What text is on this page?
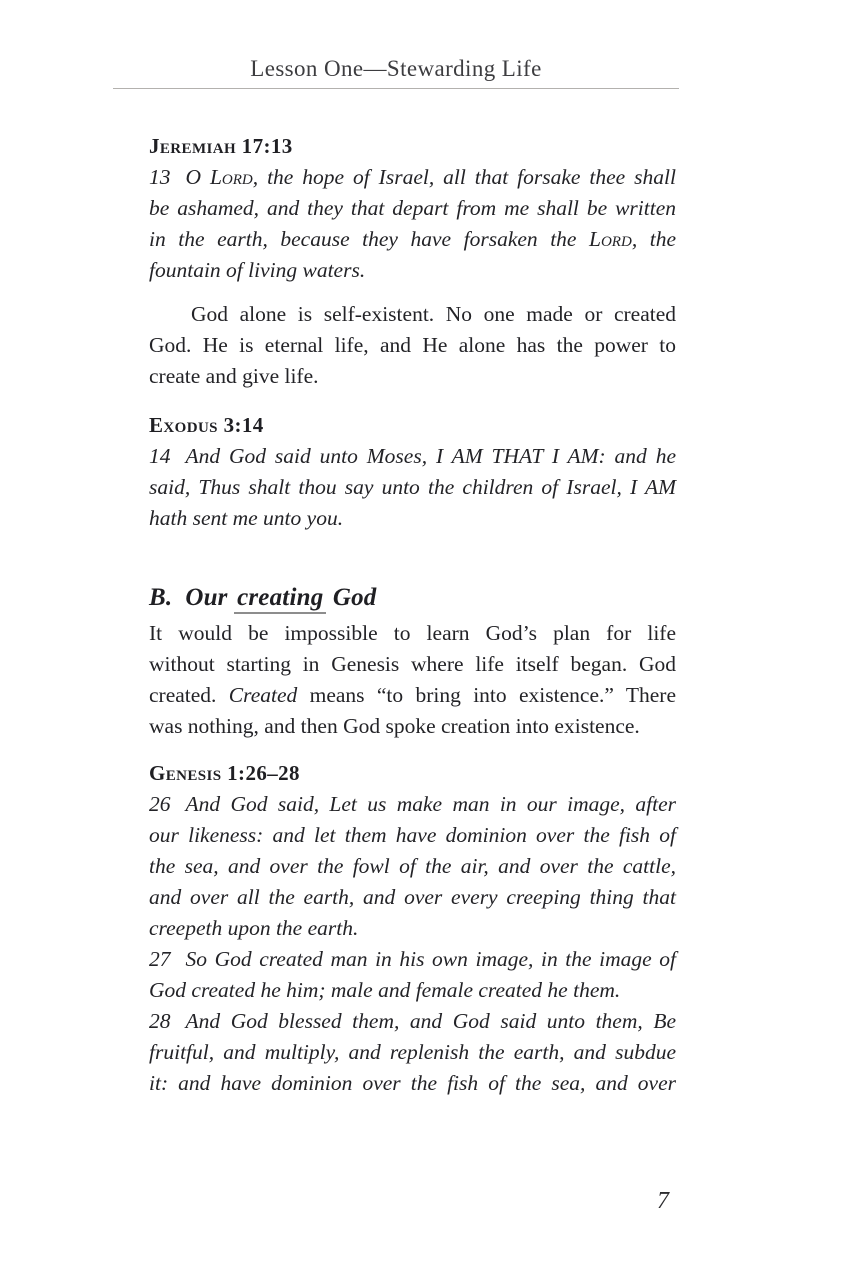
Lesson One—Stewarding Life
Jeremiah 17:13
13 O Lord, the hope of Israel, all that forsake thee shall
be ashamed, and they that depart from me shall be written
in the earth, because they have forsaken the Lord, the
fountain of living waters.
God alone is self-existent. No one made or created
God. He is eternal life, and He alone has the power to
create and give life.
Exodus 3:14
14 And God said unto Moses, I AM THAT I AM: and he
said, Thus shalt thou say unto the children of Israel, I AM
hath sent me unto you.
B. Our creating God
It would be impossible to learn God’s plan for life
without starting in Genesis where life itself began. God
created. Created means “to bring into existence.” There
was nothing, and then God spoke creation into existence.
Genesis 1:26–28
26 And God said, Let us make man in our image, after
our likeness: and let them have dominion over the fish of
the sea, and over the fowl of the air, and over the cattle,
and over all the earth, and over every creeping thing that
creepeth upon the earth.
27 So God created man in his own image, in the image of
God created he him; male and female created he them.
28 And God blessed them, and God said unto them, Be
fruitful, and multiply, and replenish the earth, and subdue
it: and have dominion over the fish of the sea, and over
7
